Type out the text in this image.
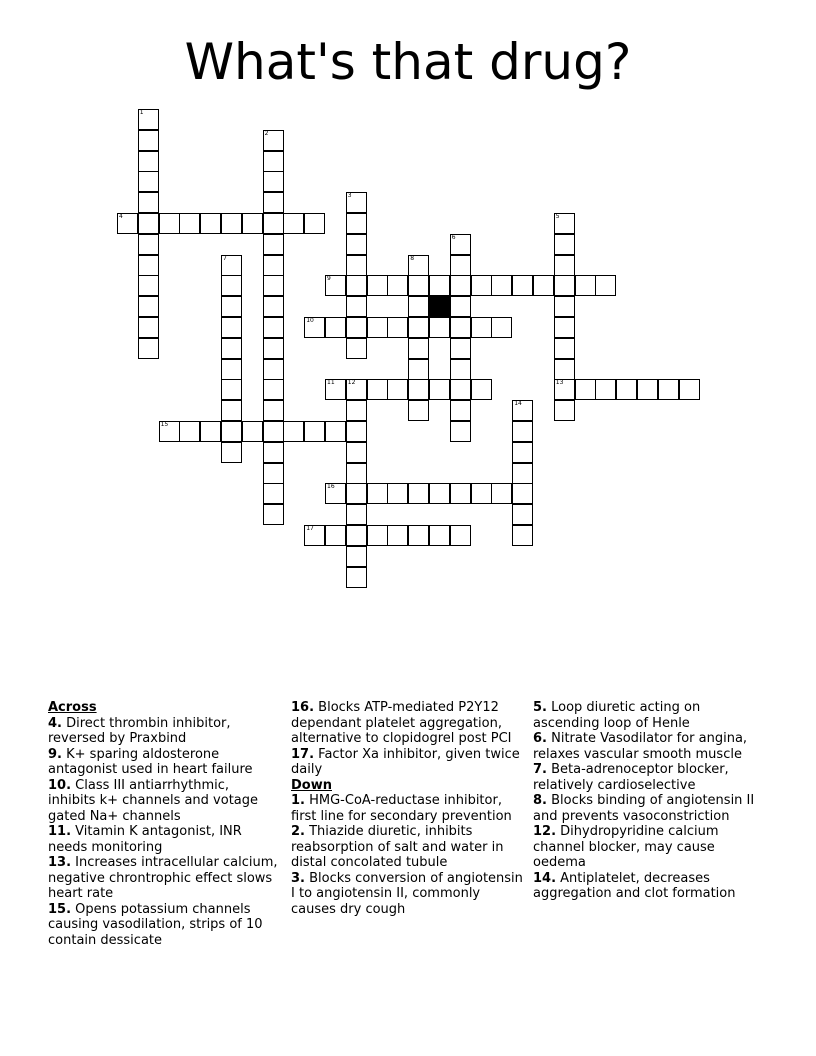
What's that drug?
1
2
3
4	5
13
6
7	8
9
10
11 12
14
15
16
17
Across
4. Direct thrombin inhibitor, reversed by Praxbind
9. K+ sparing aldosterone antagonist used in heart failure
10. Class III antiarrhythmic, inhibits k+ channels and votage gated Na+ channels
11. Vitamin K antagonist, INR needs monitoring
13. Increases intracellular calcium, negative chrontrophic effect slows heart rate
15. Opens potassium channels causing vasodilation, strips of 10 contain dessicate
16. Blocks ATP-mediated P2Y12 dependant platelet aggregation, alternative to clopidogrel post PCI
17. Factor Xa inhibitor, given twice daily
Down
1. HMG-CoA-reductase inhibitor, first line for secondary prevention
2. Thiazide diuretic, inhibits reabsorption of salt and water in distal concolated tubule
3. Blocks conversion of angiotensin I to angiotensin II, commonly causes dry cough
5. Loop diuretic acting on ascending loop of Henle
6. Nitrate Vasodilator for angina, relaxes vascular smooth muscle
7. Beta-adrenoceptor blocker, relatively cardioselective
8. Blocks binding of angiotensin II and prevents vasoconstriction
12. Dihydropyridine calcium channel blocker, may cause oedema
14. Antiplatelet, decreases aggregation and clot formation
